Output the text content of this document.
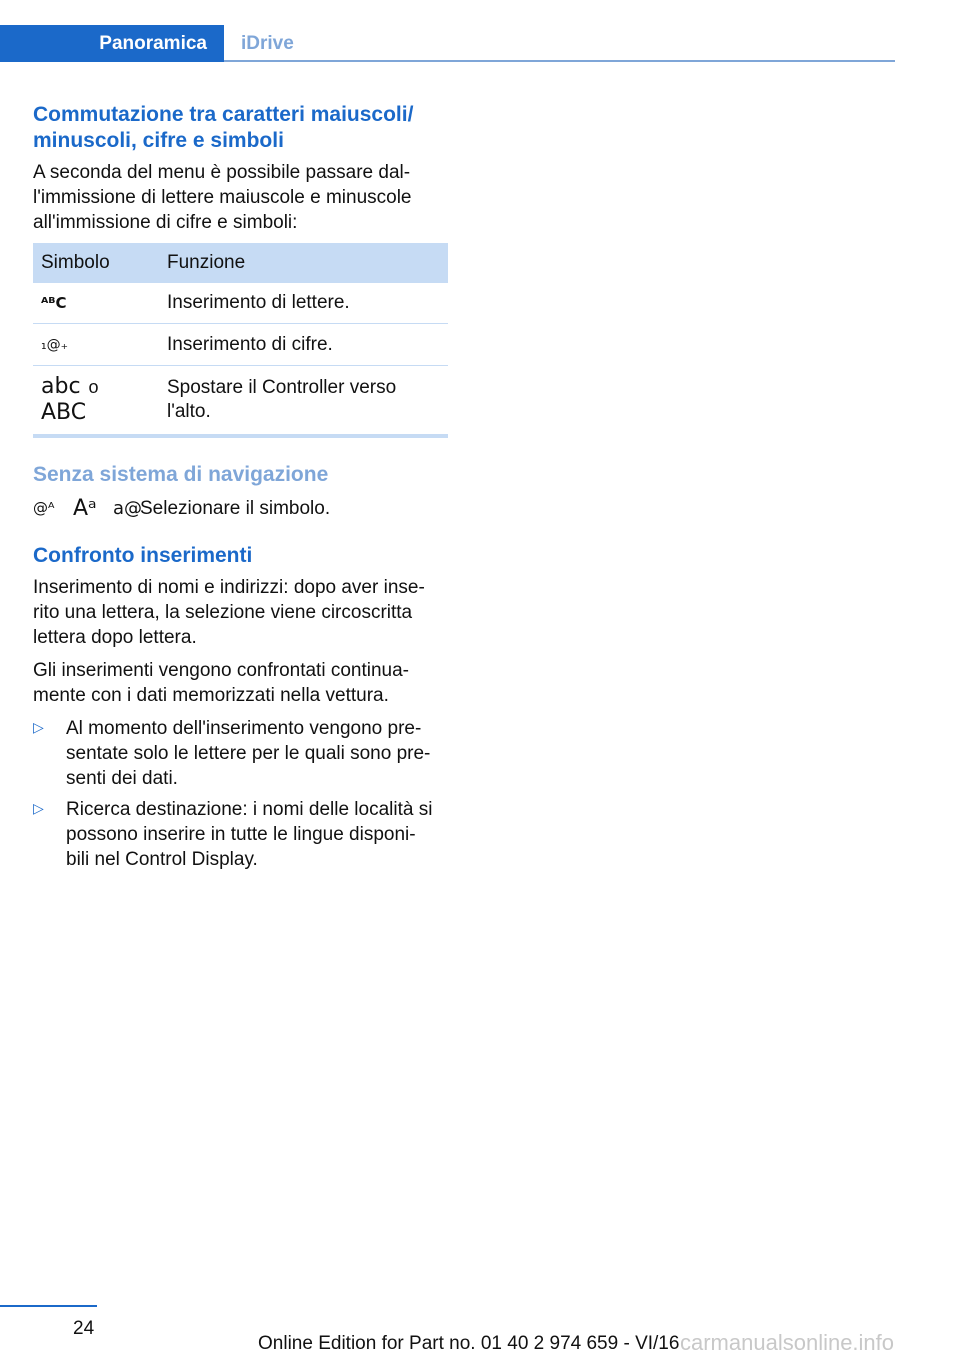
Panoramica iDrive
Commutazione tra caratteri maiuscoli/
minuscoli, cifre e simboli

A seconda del menu è possibile passare dal-
l'immissione di lettere maiuscole e minuscole
all'immissione di cifre e simboli:

Simbolo	Funzione
ᴬᴮC	Inserimento di lettere.
₁@₊	Inserimento di cifre.
abc o
ABC	Spostare il Controller verso
l'alto.
Senza sistema di navigazione
@ᴬ Aᵃ a@
Selezionare il simbolo.
Confronto inserimenti

Inserimento di nomi e indirizzi: dopo aver inse-
rito una lettera, la selezione viene circoscritta
lettera dopo lettera.

Gli inserimenti vengono confrontati continua-
mente con i dati memorizzati nella vettura.

▷ Al momento dell'inserimento vengono pre-
sentate solo le lettere per le quali sono pre-
senti dei dati.
▷ Ricerca destinazione: i nomi delle località si
possono inserire in tutte le lingue disponi-
bili nel Control Display.
24
Online Edition for Part no. 01 40 2 974 659 - VI/16 carmanualsonline.info
